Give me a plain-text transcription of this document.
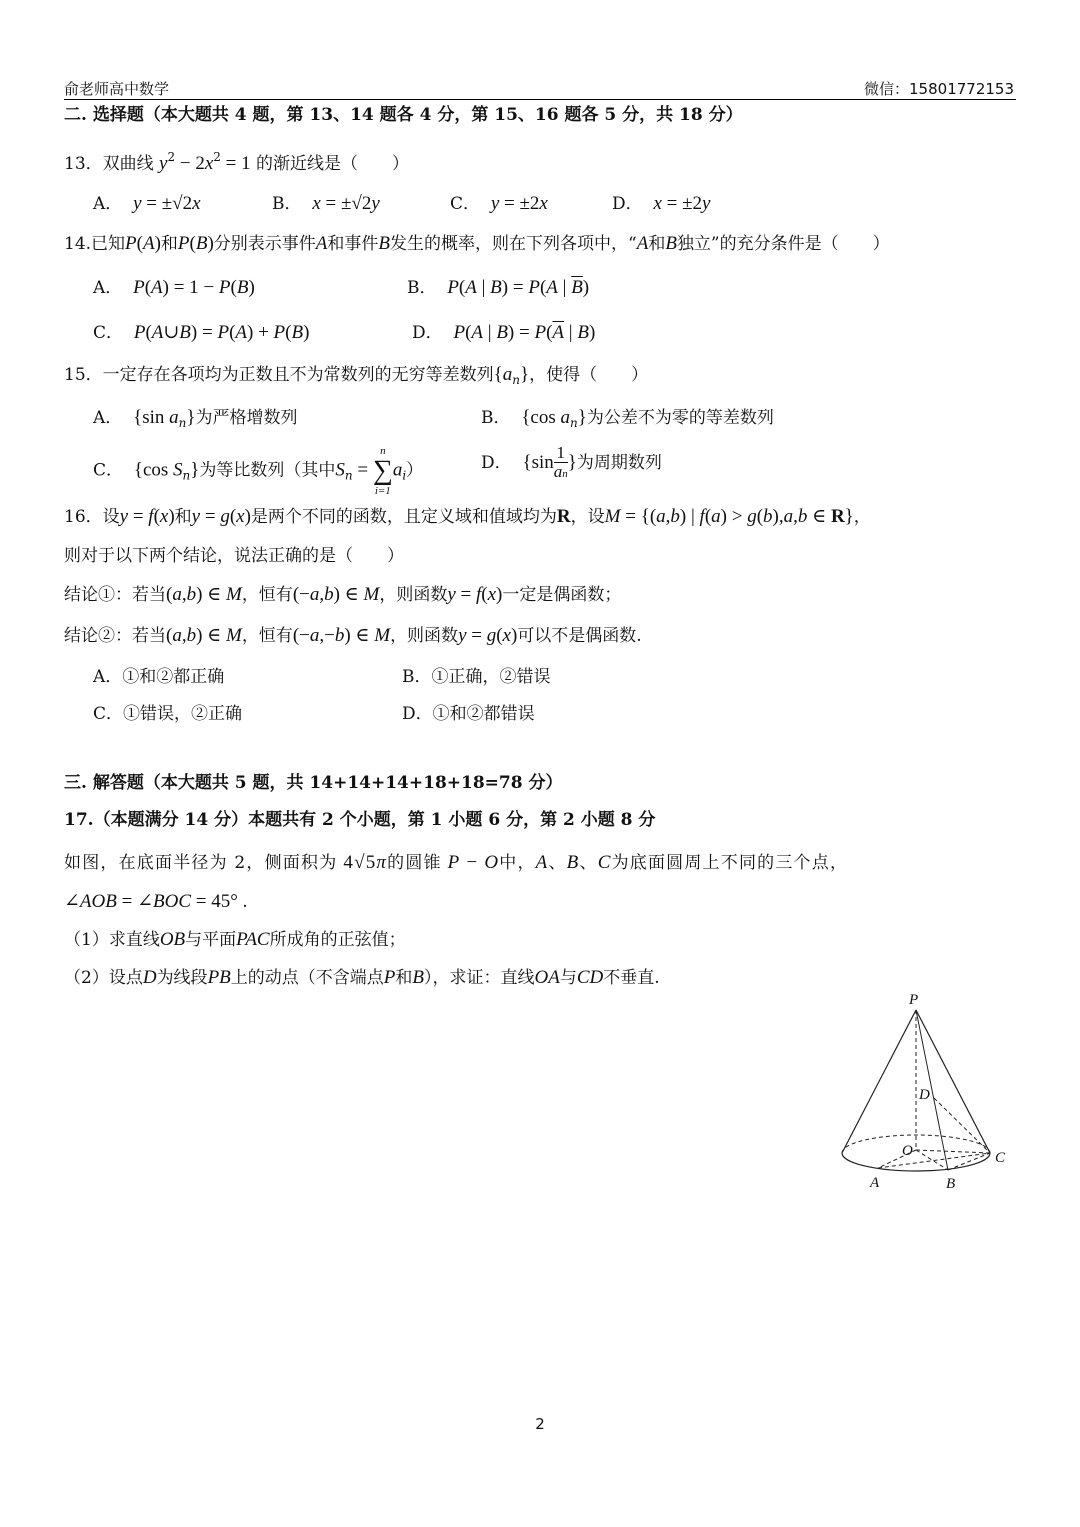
俞老师高中数学	微信：15801772153
二. 选择题（本大题共 4 题，第 13、14 题各 4 分，第 15、16 题各 5 分，共 18 分）
13．双曲线 $y^2 - 2x^2 = 1$ 的渐近线是（ ）
A． y = ±√2x	B． x = ±√2y	C． y = ±2x	D． x = ±2y
14.已知P(A)和P(B)分别表示事件A和事件B发生的概率，则在下列各项中，“A和B独立”的充分条件是（ ）
A． P(A) = 1 − P(B)	B． P(A | B) = P(A | $\overline{B}$)
C． P(A∪B) = P(A) + P(B)	D． P(A | $B) = P(\overline{A}$ | B)
15．一定存在各项均为正数且不为常数列的无穷等差数列$\{a_n\}$，使得（ ）
A． {sin $a_n$}为严格增数列	B． {cos $a_n$}为公差不为零的等差数列
C． {cos $S_n$}为等比数列（其中$S_n$ =
n
∑
i=1
$a_i$）	D． {$\sin \frac{1}{an}$ }为周期数列
16．设y = f(x)和y = g(x)是两个不同的函数，且定义域和值域均为R，设M = {(a,b) | f(a) > g(b),a,b ∈ R}，
则对于以下两个结论，说法正确的是（ ）
结论①：若当(a,b) ∈ M，恒有(−a,b) ∈ M，则函数y = f(x)一定是偶函数；
结论②：若当(a,b) ∈ M，恒有(−a,−b) ∈ M，则函数y = g(x)可以不是偶函数.
A．①和②都正确	B．①正确，②错误
C．①错误，②正确	D．①和②都错误
三. 解答题（本大题共 5 题，共 14+14+14+18+18=78 分）
17.（本题满分 14 分）本题共有 2 个小题，第 1 小题 6 分，第 2 小题 8 分
如图，在底面半径为 2，侧面积为 4√5π的圆锥 P − O中，A、B、C为底面圆周上不同的三个点，
∠AOB = ∠BOC = 45° .
（1）求直线OB与平面PAC所成角的正弦值；
（2）设点D为线段PB上的动点（不含端点P和B），求证：直线OA与CD不垂直.
P
D
O	C
A	B
2
